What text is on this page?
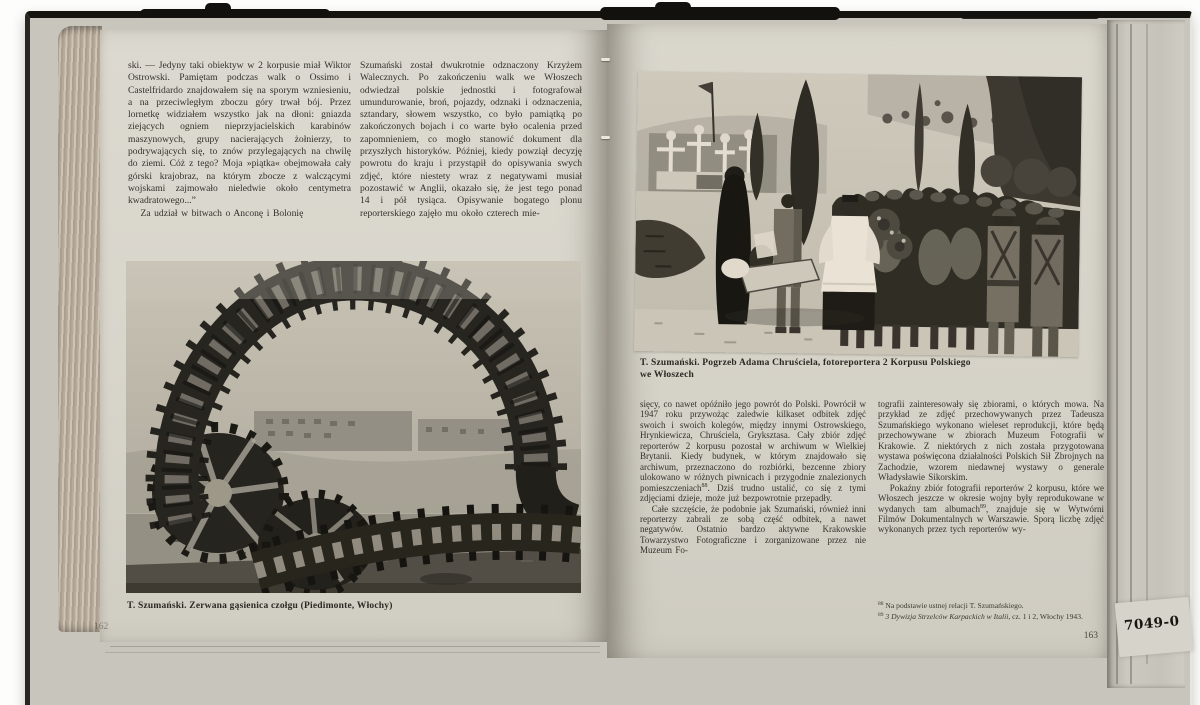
7049-0

ski. — Jedyny taki obiektyw w 2 korpusie miał Wiktor Ostrowski. Pamiętam podczas walk o Ossimo i Castelfridardo znajdowałem się na sporym wzniesieniu, a na przeciwległym zboczu góry trwał bój. Przez lornetkę widziałem wszystko jak na dłoni: gniazda ziejących ogniem nieprzyjacielskich karabinów maszynowych, grupy nacierających żołnierzy, to podrywających się, to znów przylegających na chwilę do ziemi. Cóż z tego? Moja »piątka« obejmowała cały górski krajobraz, na którym zbocze z walczącymi wojskami zajmowało nieledwie około centymetra kwadratowego...”

Za udział w bitwach o Anconę i Bolonię

Szumański został dwukrotnie odznaczony Krzyżem Walecznych. Po zakończeniu walk we Włoszech odwiedzał polskie jednostki i fotografował umundurowanie, broń, pojazdy, odznaki i odznaczenia, sztandary, słowem wszystko, co było pamiątką po zakończonych bojach i co warte było ocalenia przed zapomnieniem, co mogło stanowić dokument dla przyszłych historyków. Później, kiedy powziął decyzję powrotu do kraju i przystąpił do opisywania swych zdjęć, które niestety wraz z negatywami musiał pozostawić w Anglii, okazało się, że jest tego ponad 14 i pół tysiąca. Opisywanie bogatego plonu reporterskiego zajęło mu około czterech mie-

T. Szumański. Zerwana gąsienica czołgu (Piedimonte, Włochy)
162
T. Szumański. Pogrzeb Adama Chruściela, fotoreportera 2 Korpusu Polskiego
we Włoszech

sięcy, co nawet opóźniło jego powrót do Polski. Powrócił w 1947 roku przywożąc zaledwie kilkaset odbitek zdjęć swoich i swoich kolegów, między innymi Ostrowskiego, Hrynkiewicza, Chruściela, Gryksztasa. Cały zbiór zdjęć reporterów 2 korpusu pozostał w archiwum w Wielkiej Brytanii. Kiedy budynek, w którym znajdowało się archiwum, przeznaczono do rozbiórki, bezcenne zbiory ulokowano w różnych piwnicach i przygodnie znalezionych pomieszczeniach$^{88}$. Dziś trudno ustalić, co się z tymi zdjęciami dzieje, może już bezpowrotnie przepadły.

Całe szczęście, że podobnie jak Szumański, również inni reporterzy zabrali ze sobą część odbitek, a nawet negatywów. Ostatnio bardzo aktywne Krakowskie Towarzystwo Fotograficzne i zorganizowane przez nie Muzeum Fo-

tografii zainteresowały się zbiorami, o których mowa. Na przykład ze zdjęć przechowywanych przez Tadeusza Szumańskiego wykonano wieleset reprodukcji, które będą przechowywane w zbiorach Muzeum Fotografii w Krakowie. Z niektórych z nich została przygotowana wystawa poświęcona działalności Polskich Sił Zbrojnych na Zachodzie, wzorem niedawnej wystawy o generale Władysławie Sikorskim.

Pokaźny zbiór fotografii reporterów 2 korpusu, które we Włoszech jeszcze w okresie wojny były reprodukowane w wydanych tam albumach$^{89}$, znajduje się w Wytwórni Filmów Dokumentalnych w Warszawie. Sporą liczbę zdjęć wykonanych przez tych reporterów wy-

$^{88}$ Na podstawie ustnej relacji T. Szumańskiego.

$^{89}$ 3 Dywizja Strzelców Karpackich w Italii, cz. 1 i 2, Włochy 1943.

163
